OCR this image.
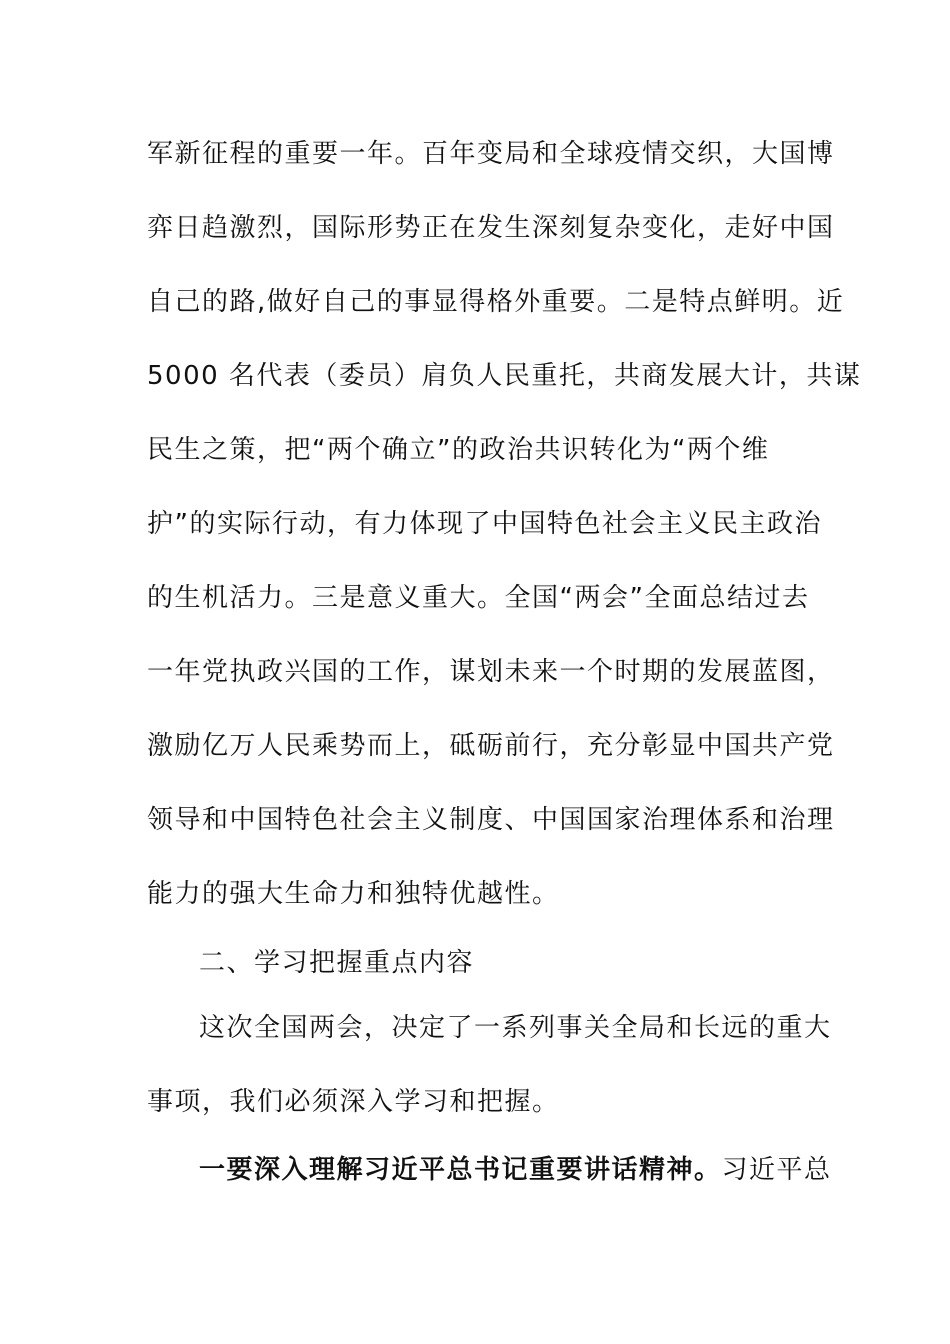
军新征程的重要一年。百年变局和全球疫情交织，大国博
弈日趋激烈，国际形势正在发生深刻复杂变化，走好中国
自己的路,做好自己的事显得格外重要。二是特点鲜明。近
5000 名代表（委员）肩负人民重托，共商发展大计，共谋
民生之策，把“两个确立”的政治共识转化为“两个维
护”的实际行动，有力体现了中国特色社会主义民主政治
的生机活力。三是意义重大。全国“两会”全面总结过去
一年党执政兴国的工作，谋划未来一个时期的发展蓝图，
激励亿万人民乘势而上，砥砺前行，充分彰显中国共产党
领导和中国特色社会主义制度、中国国家治理体系和治理
能力的强大生命力和独特优越性。
二、学习把握重点内容
这次全国两会，决定了一系列事关全局和长远的重大
事项，我们必须深入学习和把握。
一要深入理解习近平总书记重要讲话精神。习近平总
